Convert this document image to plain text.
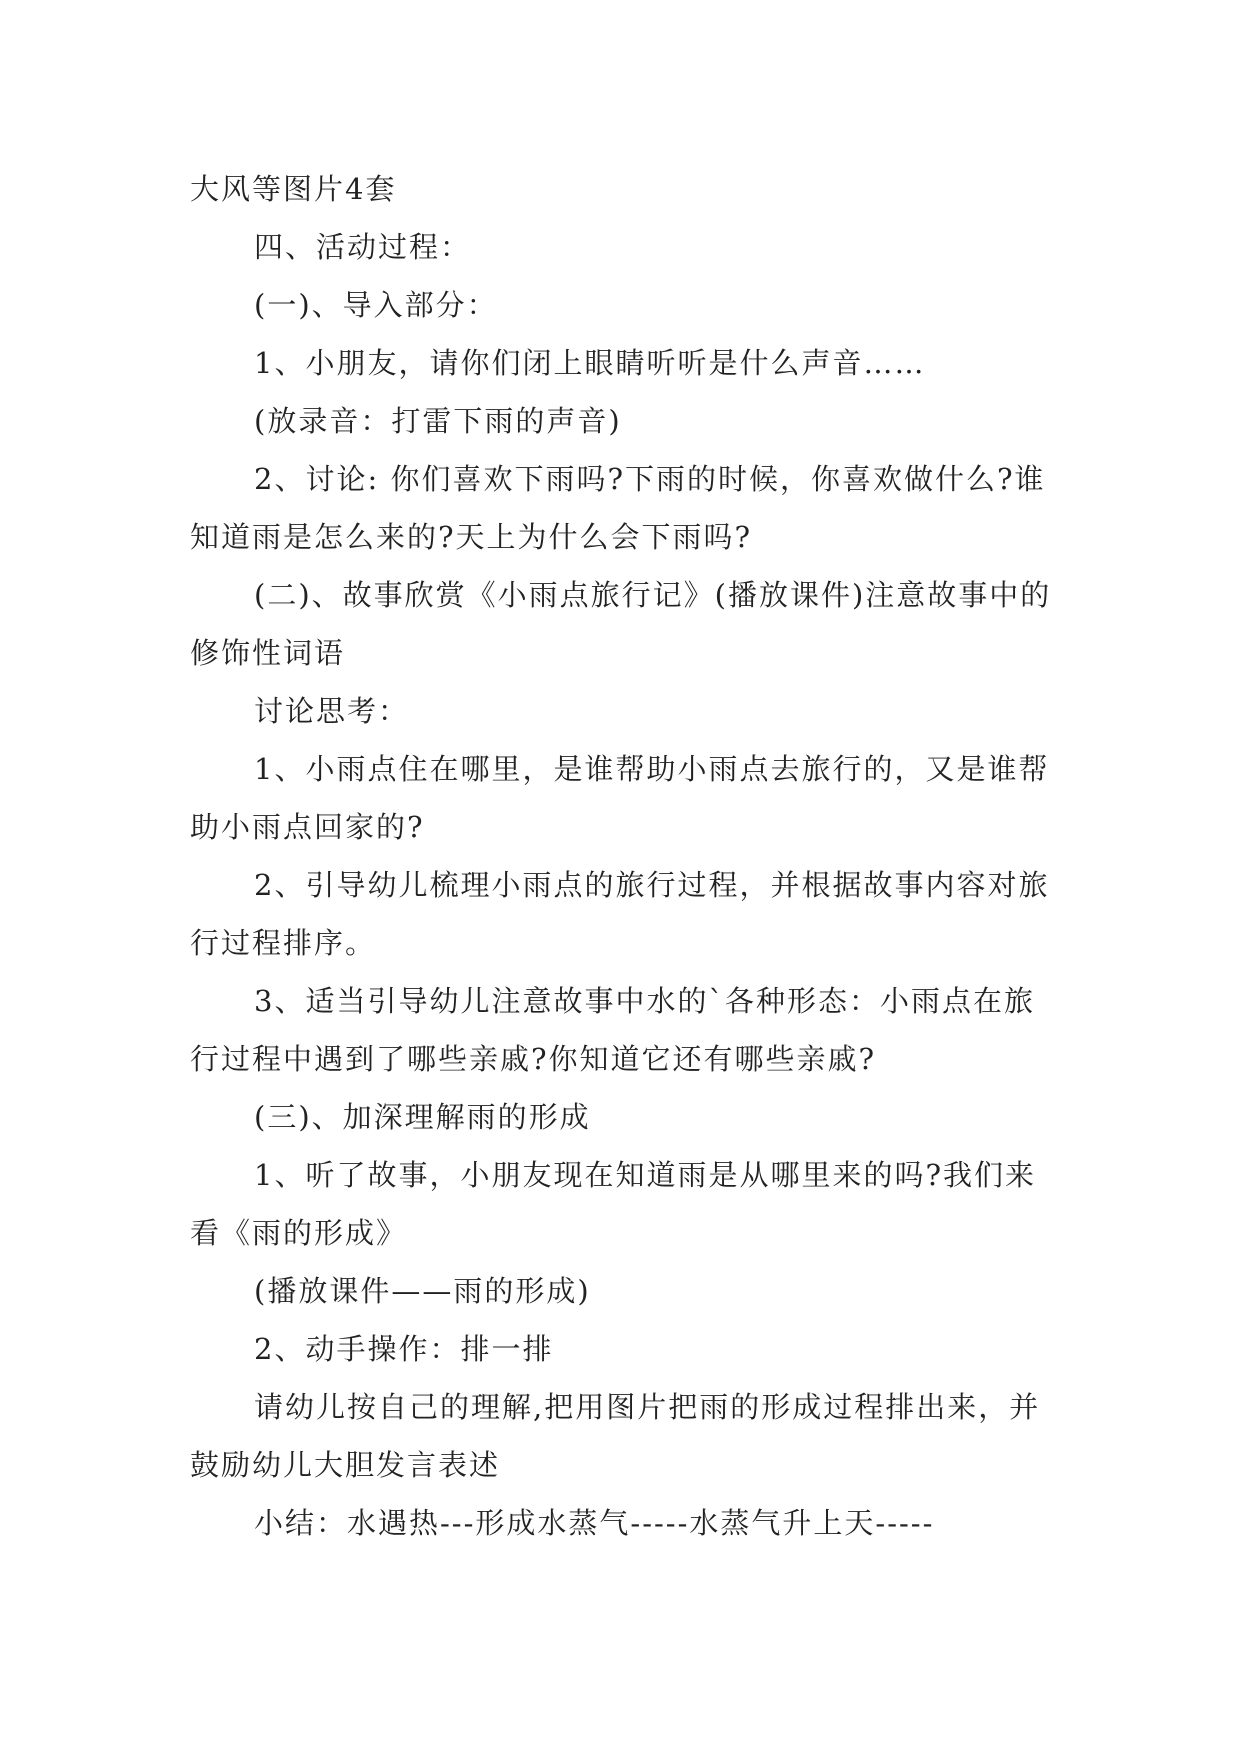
大风等图片4套

四、活动过程：

(一)、导入部分：

1、小朋友，请你们闭上眼睛听听是什么声音……

(放录音：打雷下雨的声音)

2、讨论: 你们喜欢下雨吗?下雨的时候，你喜欢做什么?谁知道雨是怎么来的?天上为什么会下雨吗?

(二)、故事欣赏《小雨点旅行记》(播放课件)注意故事中的修饰性词语

讨论思考：

1、小雨点住在哪里，是谁帮助小雨点去旅行的，又是谁帮助小雨点回家的?

2、引导幼儿梳理小雨点的旅行过程，并根据故事内容对旅行过程排序。

3、适当引导幼儿注意故事中水的`各种形态：小雨点在旅行过程中遇到了哪些亲戚?你知道它还有哪些亲戚?

(三)、加深理解雨的形成

1、听了故事，小朋友现在知道雨是从哪里来的吗?我们来看《雨的形成》

(播放课件——雨的形成)

2、动手操作：排一排

请幼儿按自己的理解,把用图片把雨的形成过程排出来，并鼓励幼儿大胆发言表述

小结：水遇热---形成水蒸气-----水蒸气升上天-----
